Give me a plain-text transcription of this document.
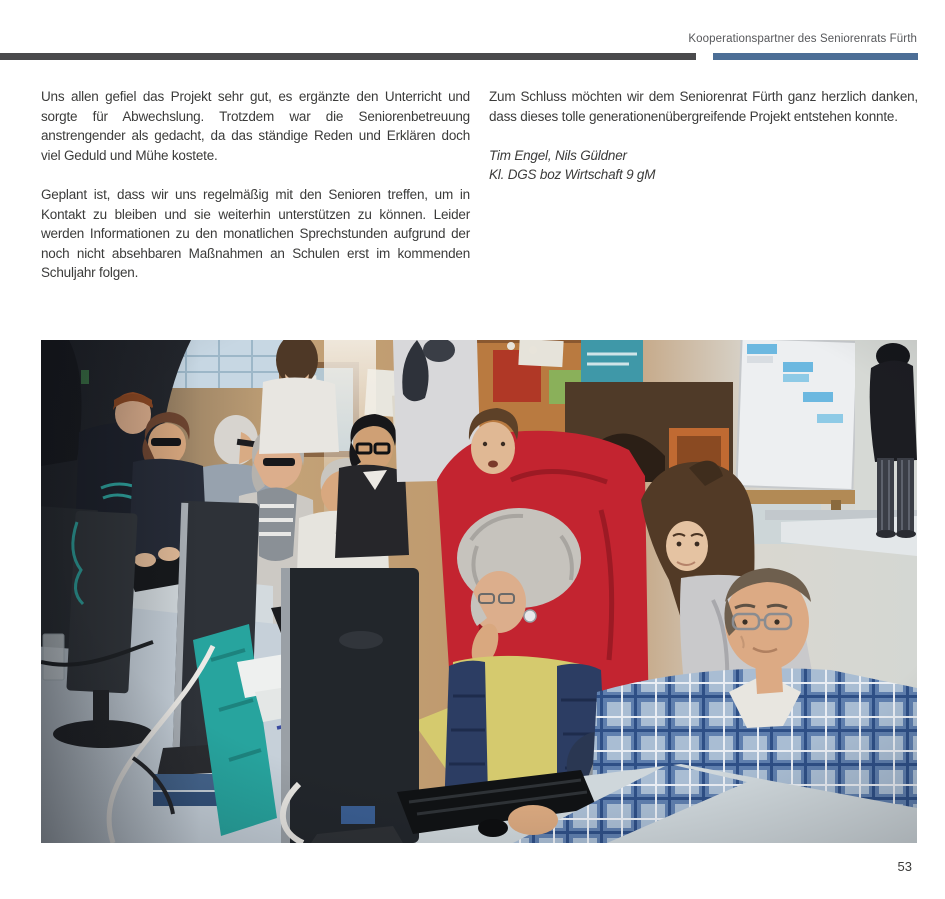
Kooperationspartner des Seniorenrats Fürth

Uns allen gefiel das Projekt sehr gut, es ergänzte den Unterricht und sorgte für Abwechslung. Trotzdem war die Seniorenbetreuung anstrengender als gedacht, da das ständige Reden und Erklären doch viel Geduld und Mühe kostete.

Geplant ist, dass wir uns regelmäßig mit den Senioren treffen, um in Kontakt zu bleiben und sie weiterhin unterstützen zu können. Leider werden Informationen zu den monatlichen Sprechstunden aufgrund der noch nicht absehbaren Maßnahmen an Schulen erst im kommenden Schuljahr folgen.

Zum Schluss möchten wir dem Seniorenrat Fürth ganz herzlich danken, dass dieses tolle generationenübergreifende Projekt entstehen konnte.

Tim Engel, Nils Güldner
Kl. DGS boz Wirtschaft 9 gM

53
